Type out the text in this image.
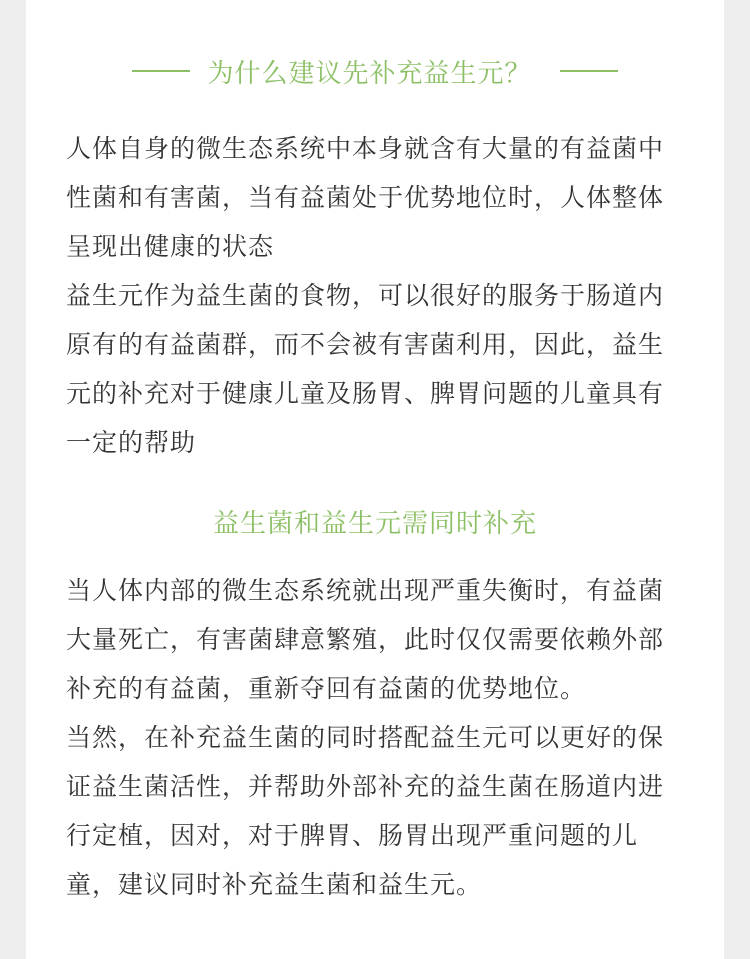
为什么建议先补充益生元？

人体自身的微生态系统中本身就含有大量的有益菌中性菌和有害菌，当有益菌处于优势地位时，人体整体呈现出健康的状态

益生元作为益生菌的食物，可以很好的服务于肠道内原有的有益菌群，而不会被有害菌利用，因此，益生元的补充对于健康儿童及肠胃、脾胃问题的儿童具有一定的帮助

益生菌和益生元需同时补充

当人体内部的微生态系统就出现严重失衡时，有益菌大量死亡，有害菌肆意繁殖，此时仅仅需要依赖外部补充的有益菌，重新夺回有益菌的优势地位。

当然，在补充益生菌的同时搭配益生元可以更好的保证益生菌活性，并帮助外部补充的益生菌在肠道内进行定植，因对，对于脾胃、肠胃出现严重问题的儿童，建议同时补充益生菌和益生元。
